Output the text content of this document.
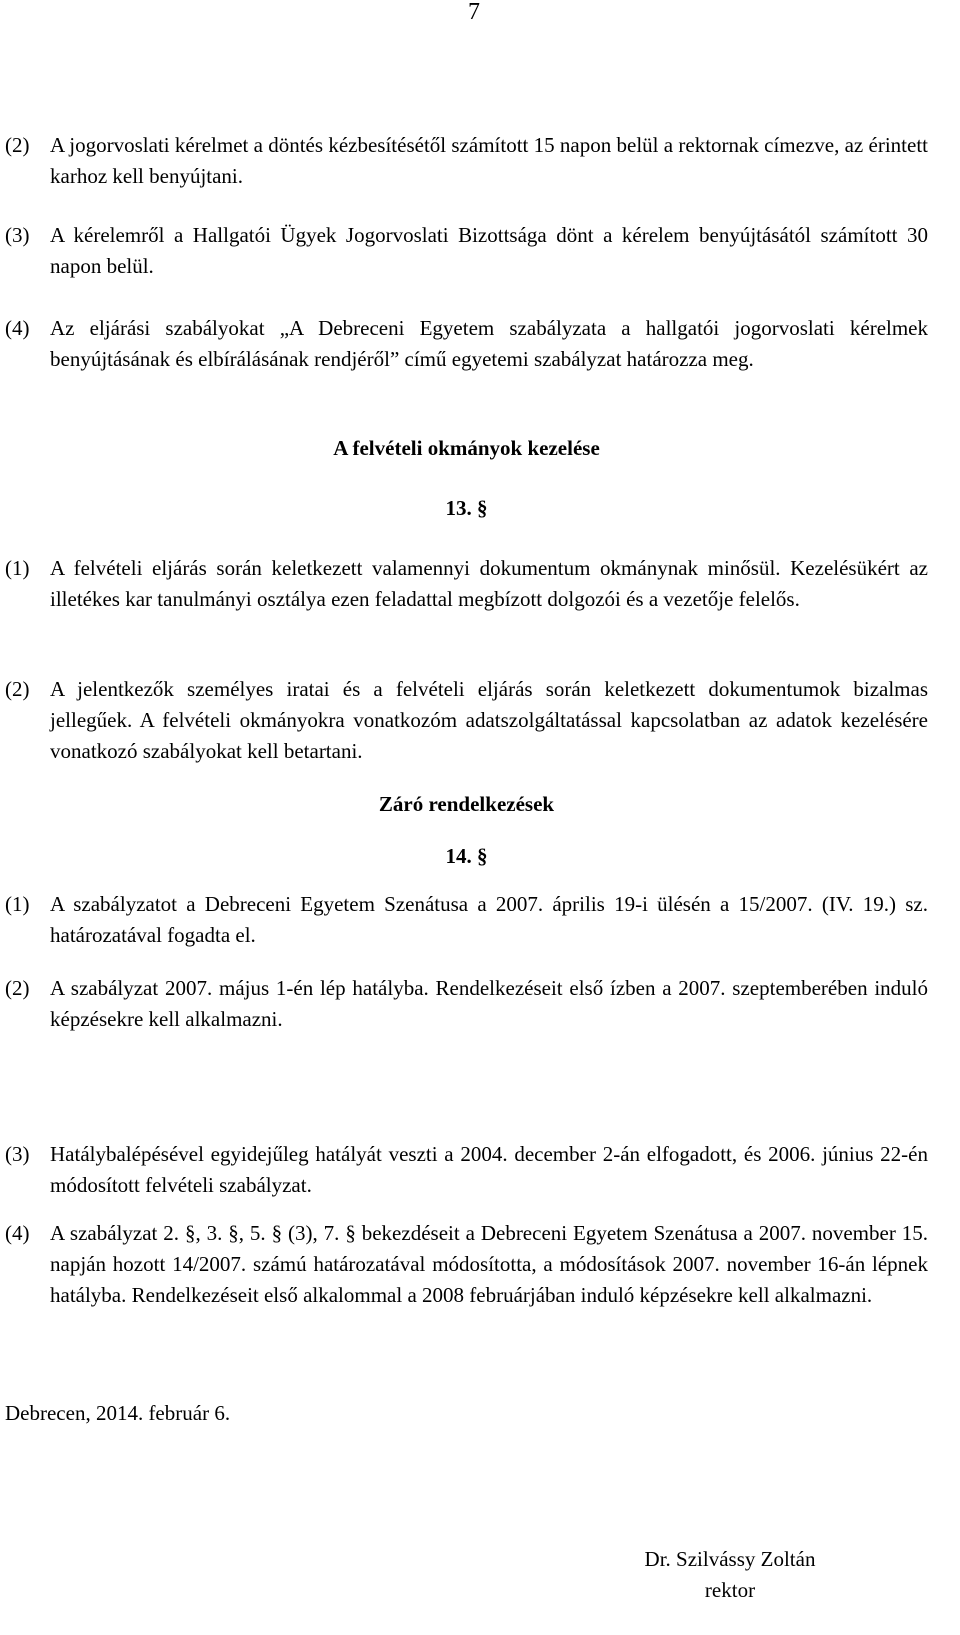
7
(2) A jogorvoslati kérelmet a döntés kézbesítésétől számított 15 napon belül a rektornak címezve, az érintett karhoz kell benyújtani.
(3) A kérelemről a Hallgatói Ügyek Jogorvoslati Bizottsága dönt a kérelem benyújtásától számított 30 napon belül.
(4) Az eljárási szabályokat „A Debreceni Egyetem szabályzata a hallgatói jogorvoslati kérelmek benyújtásának és elbírálásának rendjéről” című egyetemi szabályzat határozza meg.
A felvételi okmányok kezelése
13. §
(1) A felvételi eljárás során keletkezett valamennyi dokumentum okmánynak minősül. Kezelésükért az illetékes kar tanulmányi osztálya ezen feladattal megbízott dolgozói és a vezetője felelős.
(2) A jelentkezők személyes iratai és a felvételi eljárás során keletkezett dokumentumok bizalmas jellegűek. A felvételi okmányokra vonatkozóm adatszolgáltatással kapcsolatban az adatok kezelésére vonatkozó szabályokat kell betartani.
Záró rendelkezések
14. §
(1) A szabályzatot a Debreceni Egyetem Szenátusa a 2007. április 19-i ülésén a 15/2007. (IV. 19.) sz. határozatával fogadta el.
(2) A szabályzat 2007. május 1-én lép hatályba. Rendelkezéseit első ízben a 2007. szeptemberében induló képzésekre kell alkalmazni.
(3) Hatálybalépésével egyidejűleg hatályát veszti a 2004. december 2-án elfogadott, és 2006. június 22-én módosított felvételi szabályzat.
(4) A szabályzat 2. §, 3. §, 5. § (3), 7. § bekezdéseit a Debreceni Egyetem Szenátusa a 2007. november 15. napján hozott 14/2007. számú határozatával módosította, a módosítások 2007. november 16-án lépnek hatályba. Rendelkezéseit első alkalommal a 2008 februárjában induló képzésekre kell alkalmazni.
Debrecen, 2014. február 6.
Dr. Szilvássy Zoltán
rektor
